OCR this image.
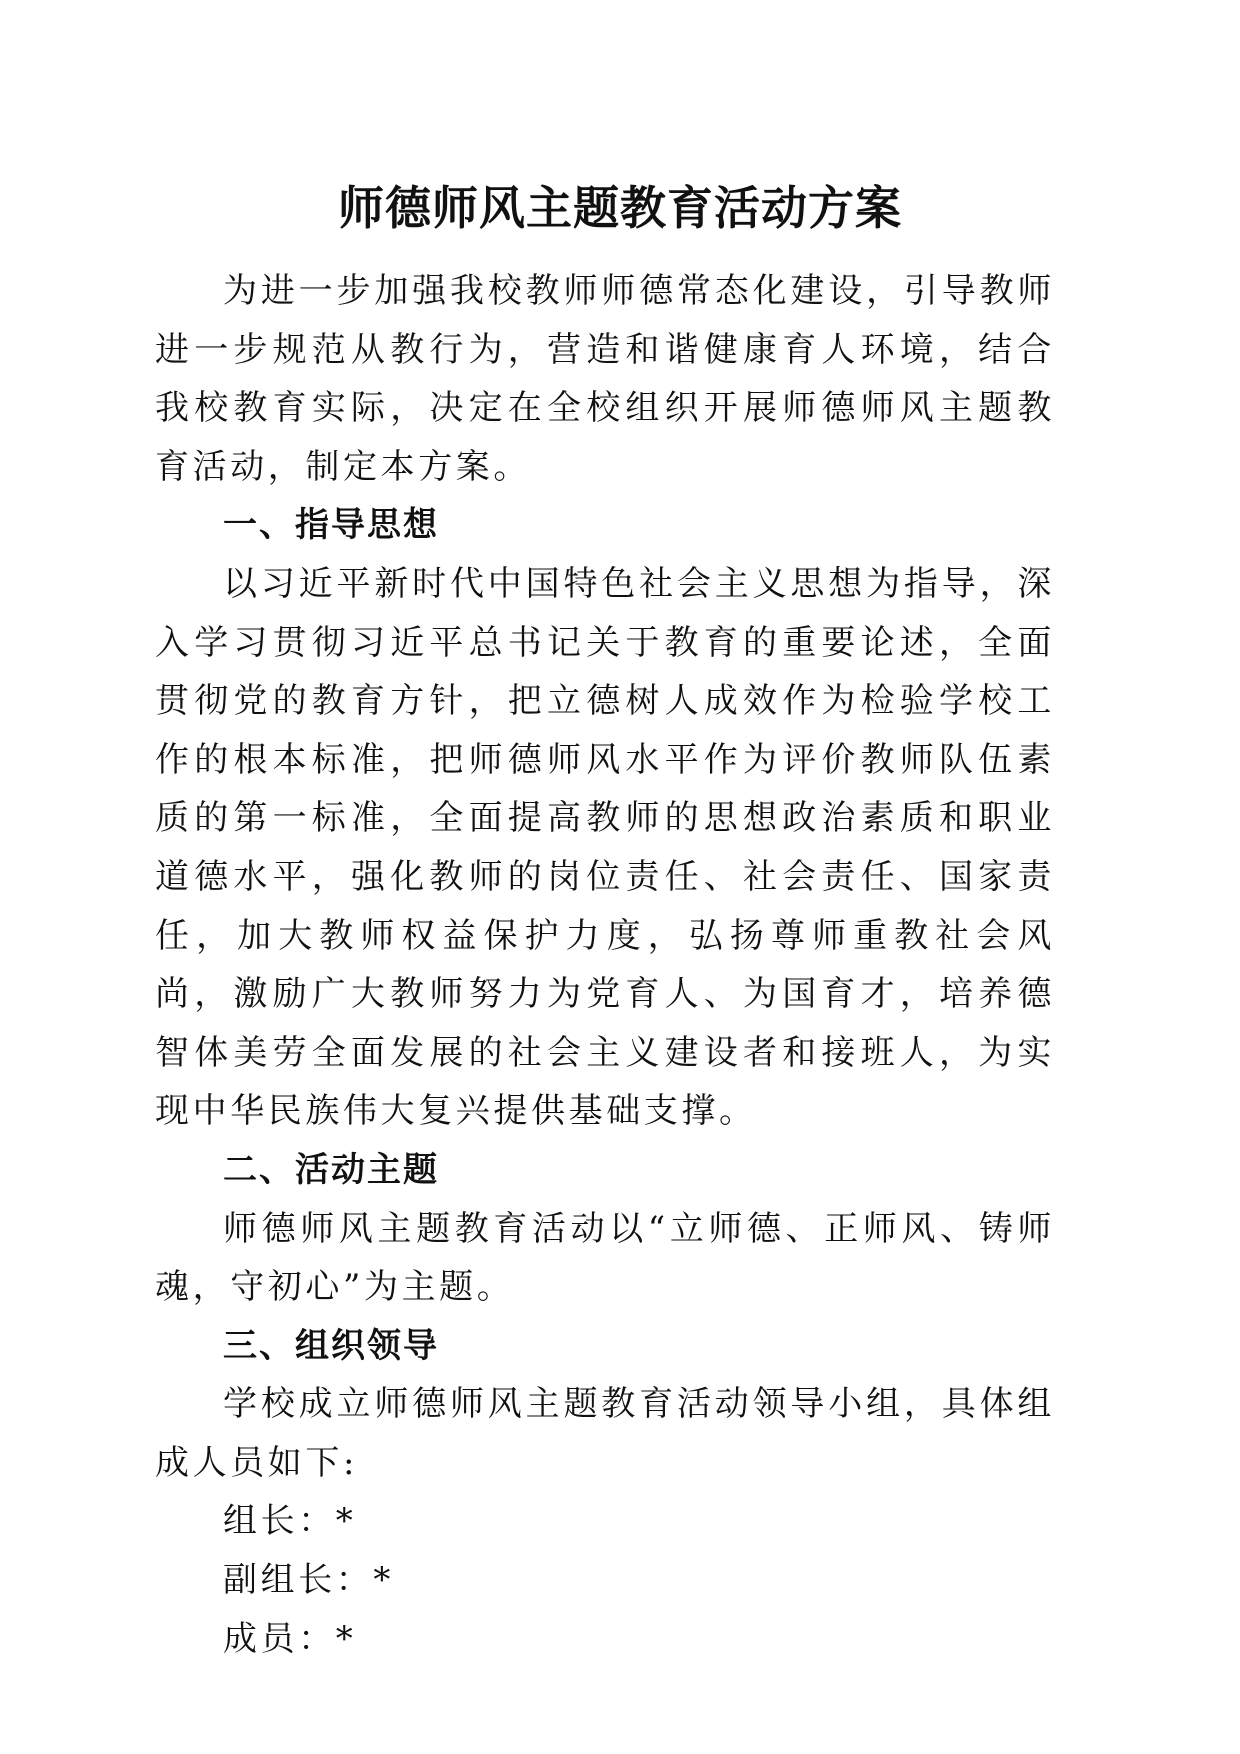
师德师风主题教育活动方案

为进一步加强我校教师师德常态化建设，引导教师进一步规范从教行为，营造和谐健康育人环境，结合我校教育实际，决定在全校组织开展师德师风主题教育活动，制定本方案。

一、指导思想

以习近平新时代中国特色社会主义思想为指导，深入学习贯彻习近平总书记关于教育的重要论述，全面贯彻党的教育方针，把立德树人成效作为检验学校工作的根本标准，把师德师风水平作为评价教师队伍素质的第一标准，全面提高教师的思想政治素质和职业道德水平，强化教师的岗位责任、社会责任、国家责任，加大教师权益保护力度，弘扬尊师重教社会风尚，激励广大教师努力为党育人、为国育才，培养德智体美劳全面发展的社会主义建设者和接班人，为实现中华民族伟大复兴提供基础支撑。

二、活动主题

师德师风主题教育活动以“立师德、正师风、铸师魂，守初心”为主题。

三、组织领导

学校成立师德师风主题教育活动领导小组，具体组成人员如下:

组长：*

副组长：*

成员：*
